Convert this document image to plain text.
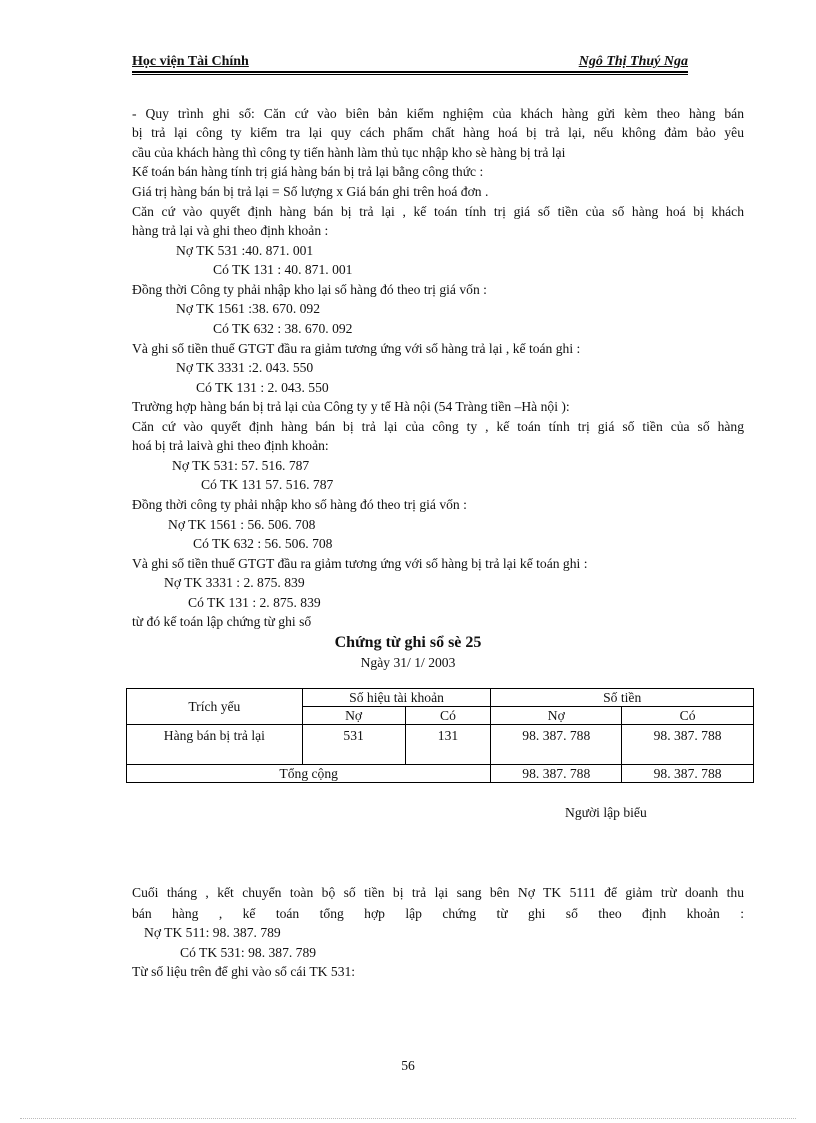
Học viện Tài Chính	Ngô Thị Thuý Nga
- Quy trình ghi sổ: Căn cứ vào biên bản kiểm nghiệm của khách hàng gửi kèm theo hàng bán
bị trả lại công ty kiểm tra lại quy cách phẩm chất hàng hoá bị trả lại, nếu không đảm bảo yêu
cầu của khách hàng thì công ty tiến hành làm thủ tục nhập kho sè hàng bị trả lại
Kế toán bán hàng tính trị giá hàng bán bị trả lại bằng công thức :
Giá trị hàng bán bị trả lại = Số lượng x Giá bán ghi trên hoá đơn .
Căn cứ vào quyết định hàng bán bị trả lại , kế toán tính trị giá số tiền của số hàng hoá bị khách
hàng trả lại và ghi theo định khoản :
Nợ TK 531 :40. 871. 001
Có TK 131 : 40. 871. 001
Đồng thời Công ty phải nhập kho lại số hàng đó theo trị giá vốn :
Nợ TK 1561 :38. 670. 092
Có TK 632 : 38. 670. 092
Và ghi số tiền thuế GTGT đầu ra giảm tương ứng với số hàng trả lại , kế toán ghi :
Nợ TK 3331 :2. 043. 550
Có TK 131 : 2. 043. 550
Trường hợp hàng bán bị trả lại của Công ty y tế Hà nội (54 Tràng tiền –Hà nội ):
Căn cứ vào quyết định hàng bán bị trả lại của công ty , kế toán tính trị giá số tiền của số hàng
hoá bị trả laivà ghi theo định khoản:
Nợ TK 531: 57. 516. 787
Có TK 131 57. 516. 787
Đồng thời công ty phải nhập kho số hàng đó theo trị giá vốn :
Nợ TK 1561 : 56. 506. 708
Có TK 632 : 56. 506. 708
Và ghi số tiền thuế GTGT đầu ra giảm tương ứng với số hàng bị trả lại kế toán ghi :
Nợ TK 3331 : 2. 875. 839
Có TK 131 : 2. 875. 839
từ đó kế toán lập chứng từ ghi sổ
Chứng từ ghi sổ sè 25
Ngày 31/ 1/ 2003
Trích yếu	Số hiệu tài khoản		Số tiền	
	Nợ	Có	Nợ	Có
Hàng bán bị trả lại	531	131	98. 387. 788	98. 387. 788
Tổng cộng			98. 387. 788	98. 387. 788
Người lập biểu
Cuối tháng , kết chuyển toàn bộ số tiền bị trả lại sang bên Nợ TK 5111 để giảm trừ doanh thu
bán hàng , kế toán tổng hợp lập chứng từ ghi sổ theo định khoản :
Nợ TK 511: 98. 387. 789
Có TK 531: 98. 387. 789
Từ số liệu trên để ghi vào sổ cái TK 531:
56
